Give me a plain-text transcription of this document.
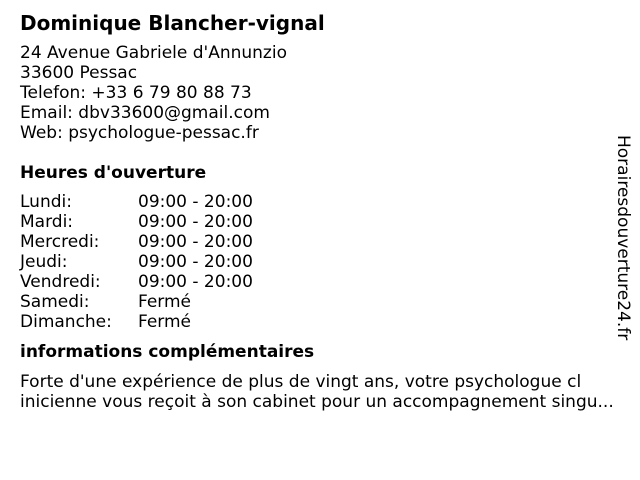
Dominique Blancher-vignal
24 Avenue Gabriele d'Annunzio
33600 Pessac
Telefon: +33 6 79 80 88 73
Email: dbv33600@gmail.com
Web: psychologue-pessac.fr
Heures d'ouverture
Lundi:	09:00 - 20:00
Mardi:	09:00 - 20:00
Mercredi:	09:00 - 20:00
Jeudi:	09:00 - 20:00
Vendredi:	09:00 - 20:00
Samedi:	Fermé
Dimanche:	Fermé
informations complémentaires
Forte d'une expérience de plus de vingt ans, votre psychologue cl
inicienne vous reçoit à son cabinet pour un accompagnement singu...
Horairesdouverture24.fr
